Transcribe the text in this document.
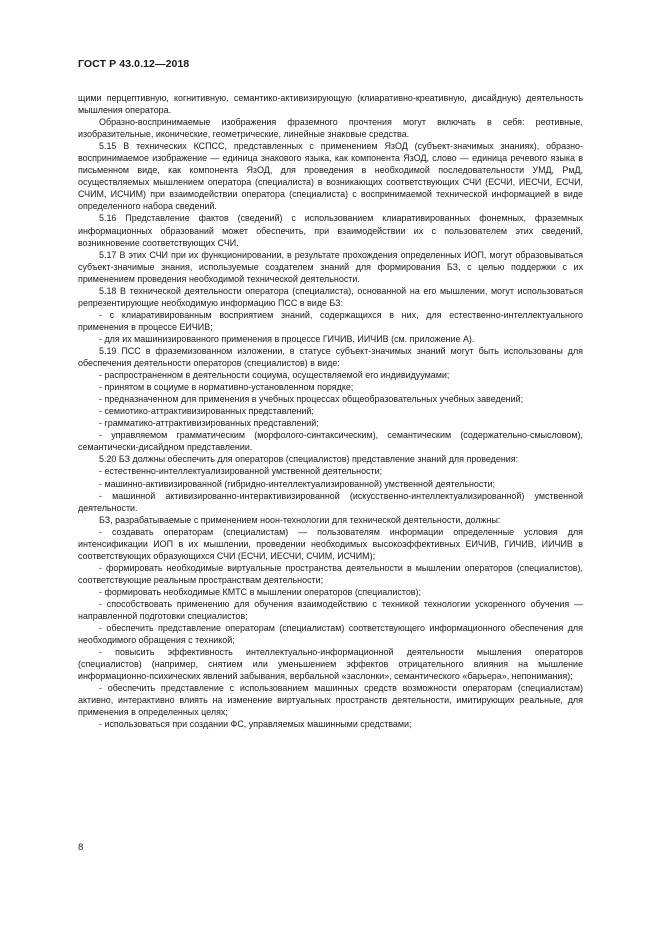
ГОСТ Р 43.0.12—2018

щими перцептивную, когнитивную, семантико-активизирующую (клиаративно-креативную, дисайдную) деятельность мышления оператора.

Образно-воспринимаемые изображения фраземного прочтения могут включать в себя: реотивные, изобразительные, иконические, геометрические, линейные знаковые средства.

5.15 В технических КСПСС, представленных с применением ЯзОД (субъект-значимых знаниях), образно-воспринимаемое изображение — единица знакового языка, как компонента ЯзОД, слово — единица речевого языка в письменном виде, как компонента ЯзОД, для проведения в необходимой последовательности УМД, РмД, осуществляемых мышлением оператора (специалиста) в возникающих соответствующих СЧИ (ЕСЧИ, ИЕСЧИ, ЕСЧИ, СЧИМ, ИСЧИМ) при взаимодействии оператора (специалиста) с воспринимаемой технической информацией в виде определенного набора сведений.

5.16 Представление фактов (сведений) с использованием клиаративированных фонемных, фраземных информационных образований может обеспечить, при взаимодействии их с пользователем этих сведений, возникновение соответствующих СЧИ.

5.17 В этих СЧИ при их функционировании, в результате прохождения определенных ИОП, могут образовываться субъект-значимые знания, используемые создателем знаний для формирования БЗ, с целью поддержки с их применением проведения необходимой технической деятельности.

5.18 В технической деятельности оператора (специалиста), основанной на его мышлении, могут использоваться репрезентирующие необходимую информацию ПСС в виде БЗ:

- с клиаративированным восприятием знаний, содержащихся в них, для естественно-интеллектуального применения в процессе ЕИЧИВ;

- для их машинизированного применения в процессе ГИЧИВ, ИИЧИВ (см. приложение А).

5.19 ПСС в фраземизованном изложении, в статусе субъект-значимых знаний могут быть использованы для обеспечения деятельности операторов (специалистов) в виде:

- распространенном в деятельности социума, осуществляемой его индивидуумами;

- принятом в социуме в нормативно-установленном порядке;

- предназначенном для применения в учебных процессах общеобразовательных учебных заведений;

- семиотико-аттрактивизированных представлений;

- грамматико-аттрактивизированных представлений;

- управляемом грамматическим (морфолого-синтаксическим), семантическим (содержательно-смысловом), семантически-дисайдном представлении.

5.20 БЗ должны обеспечить для операторов (специалистов) представление знаний для проведения:

- естественно-интеллектуализированной умственной деятельности;

- машинно-активизированной (гибридно-интеллектуализированной) умственной деятельности;

- машинной активизированно-интерактивизированной (искусственно-интеллектуализированной) умственной деятельности.

БЗ, разрабатываемые с применением ноон-технологии для технической деятельности, должны:

- создавать операторам (специалистам) — пользователям информации определенные условия для интенсификации ИОП в их мышлении, проведении необходимых высокоэффективных ЕИЧИВ, ГИЧИВ, ИИЧИВ в соответствующих образующихся СЧИ (ЕСЧИ, ИЕСЧИ, СЧИМ, ИСЧИМ);

- формировать необходимые виртуальные пространства деятельности в мышлении операторов (специалистов), соответствующие реальным пространствам деятельности;

- формировать необходимые КМТС в мышлении операторов (специалистов);

- способствовать применению для обучения взаимодействию с техникой технологии ускоренного обучения — направленной подготовки специалистов;

- обеспечить представление операторам (специалистам) соответствующего информационного обеспечения для необходимого обращения с техникой;

- повысить эффективность интеллектуально-информационной деятельности мышления операторов (специалистов) (например, снятием или уменьшением эффектов отрицательного влияния на мышление информационно-психических явлений забывания, вербальной «заслонки», семантического «барьера», непонимания);

- обеспечить представление с использованием машинных средств возможности операторам (специалистам) активно, интерактивно влиять на изменение виртуальных пространств деятельности, имитирующих реальные, для применения в определенных целях;

- использоваться при создании ФС, управляемых машинными средствами;

8
